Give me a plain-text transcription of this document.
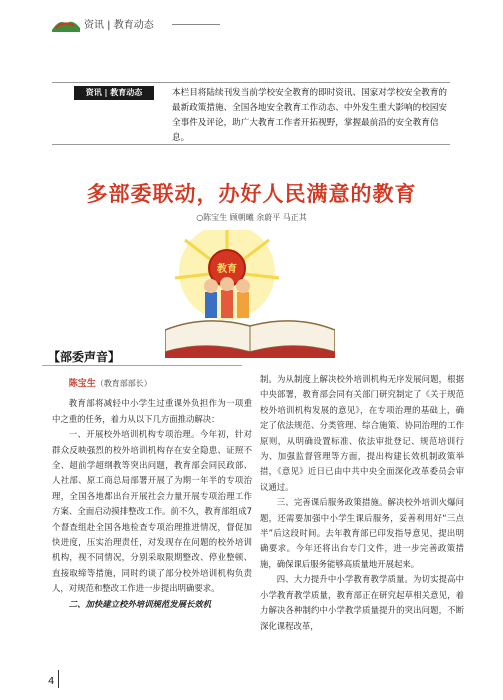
资讯 | 教育动态
资讯 | 教育动态	本栏目将陆续刊发当前学校安全教育的即时资讯、国家对学校安全教育的最新政策措施、全国各地安全教育工作动态、中外发生重大影响的校园安全事件及评论，助广大教育工作者开拓视野，掌握最前沿的安全教育信息。
多部委联动，办好人民满意的教育
○陈宝生 顾朝曦 余蔚平 马正其
教育
【部委声音】
陈宝生（教育部部长）

教育部将减轻中小学生过重课外负担作为一项重中之重的任务，着力从以下几方面推动解决：

一、开展校外培训机构专项治理。今年初，针对群众反映强烈的校外培训机构存在安全隐患、证照不全、超前学超纲教等突出问题，教育部会同民政部、人社部、原工商总局部署开展了为期一年半的专项治理，全国各地都出台开展社会力量开展专项治理工作方案、全面启动摸排整改工作。前不久，教育部组成7个督查组赴全国各地检查专项治理推进情况，督促加快进度，压实治理责任，对发现存在问题的校外培训机构，视不同情况，分别采取限期整改、停业整顿、直接取缔等措施，同时约谈了部分校外培训机构负责人，对规范和整改工作进一步提出明确要求。

二、加快建立校外培训规范发展长效机

制。为从制度上解决校外培训机构无序发展问题，根据中央部署，教育部会同有关部门研究制定了《关于规范校外培训机构发展的意见》，在专项治理的基础上，确定了依法规范、分类管理、综合施策、协同治理的工作原则，从明确设置标准、依法审批登记、规范培训行为、加强监督管理等方面，提出构建长效机制政策举措，《意见》近日已由中共中央全面深化改革委员会审议通过。

三、完善课后服务政策措施。解决校外培训火爆问题，还需要加强中小学生课后服务，妥善利用好“三点半”后这段时间。去年教育部已印发指导意见，提出明确要求。今年还将出台专门文件，进一步完善政策措施，确保课后服务能够高质量地开展起来。

四、大力提升中小学教育教学质量。为切实提高中小学教育教学质量，教育部正在研究起草相关意见，着力解决各种制约中小学教学质量提升的突出问题，不断深化课程改革，

4
